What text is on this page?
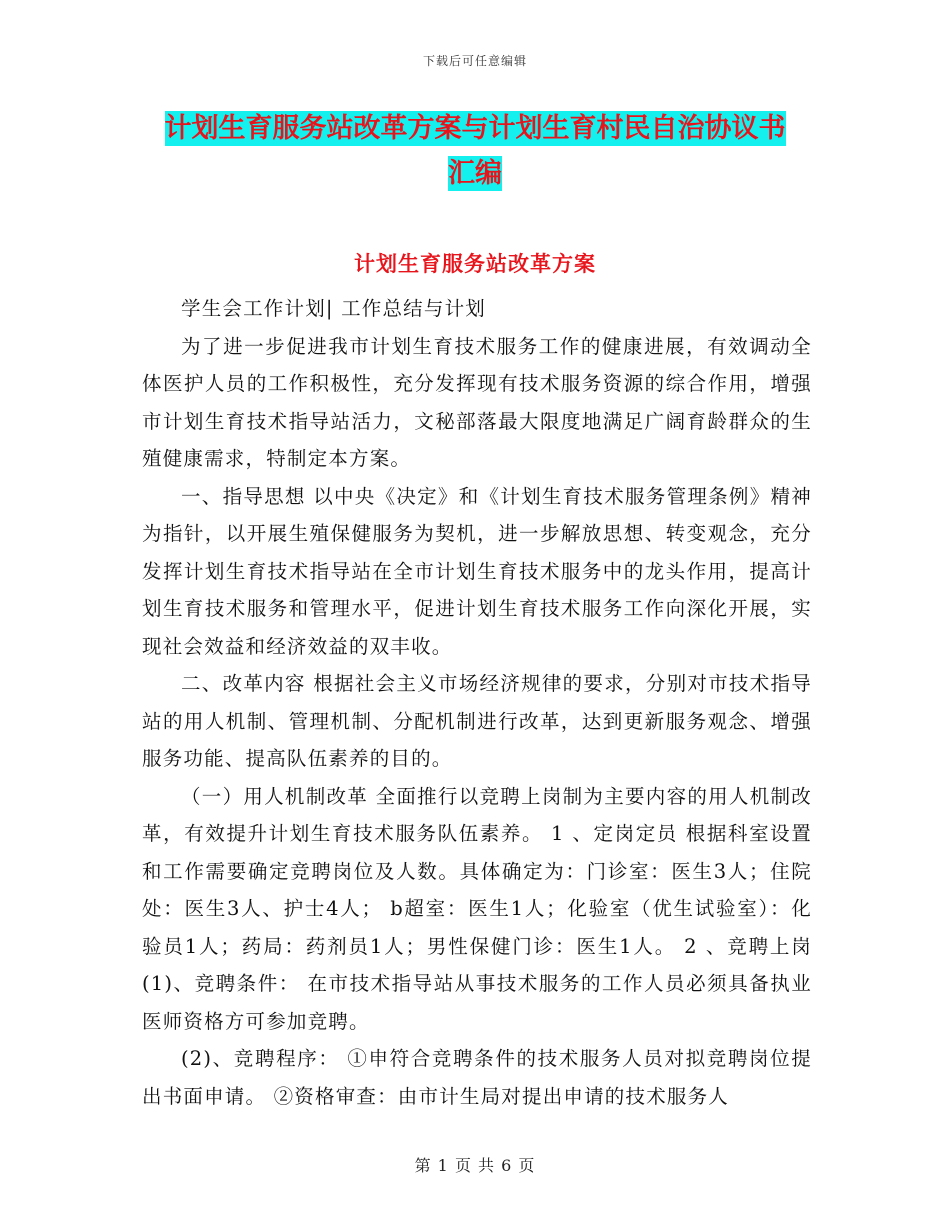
下载后可任意编辑
计划生育服务站改革方案与计划生育村民自治协议书
汇编
计划生育服务站改革方案

学生会工作计划| 工作总结与计划

为了进一步促进我市计划生育技术服务工作的健康进展，有效调动全体医护人员的工作积极性，充分发挥现有技术服务资源的综合作用，增强市计划生育技术指导站活力，文秘部落最大限度地满足广阔育龄群众的生殖健康需求，特制定本方案。

一、指导思想 以中央《决定》和《计划生育技术服务管理条例》精神为指针，以开展生殖保健服务为契机，进一步解放思想、转变观念，充分发挥计划生育技术指导站在全市计划生育技术服务中的龙头作用，提高计划生育技术服务和管理水平，促进计划生育技术服务工作向深化开展，实现社会效益和经济效益的双丰收。

二、改革内容 根据社会主义市场经济规律的要求，分别对市技术指导站的用人机制、管理机制、分配机制进行改革，达到更新服务观念、增强服务功能、提高队伍素养的目的。

（一）用人机制改革 全面推行以竞聘上岗制为主要内容的用人机制改革，有效提升计划生育技术服务队伍素养。 1 、定岗定员 根据科室设置和工作需要确定竞聘岗位及人数。具体确定为：门诊室：医生3人；住院处：医生3人、护士4人； b超室：医生1人；化验室（优生试验室）：化验员1人；药局：药剂员1人；男性保健门诊：医生1人。 2 、竞聘上岗 (1)、竞聘条件： 在市技术指导站从事技术服务的工作人员必须具备执业医师资格方可参加竞聘。

(2)、竞聘程序： ①申符合竞聘条件的技术服务人员对拟竞聘岗位提出书面申请。 ②资格审查：由市计生局对提出申请的技术服务人

第 1 页 共 6 页
